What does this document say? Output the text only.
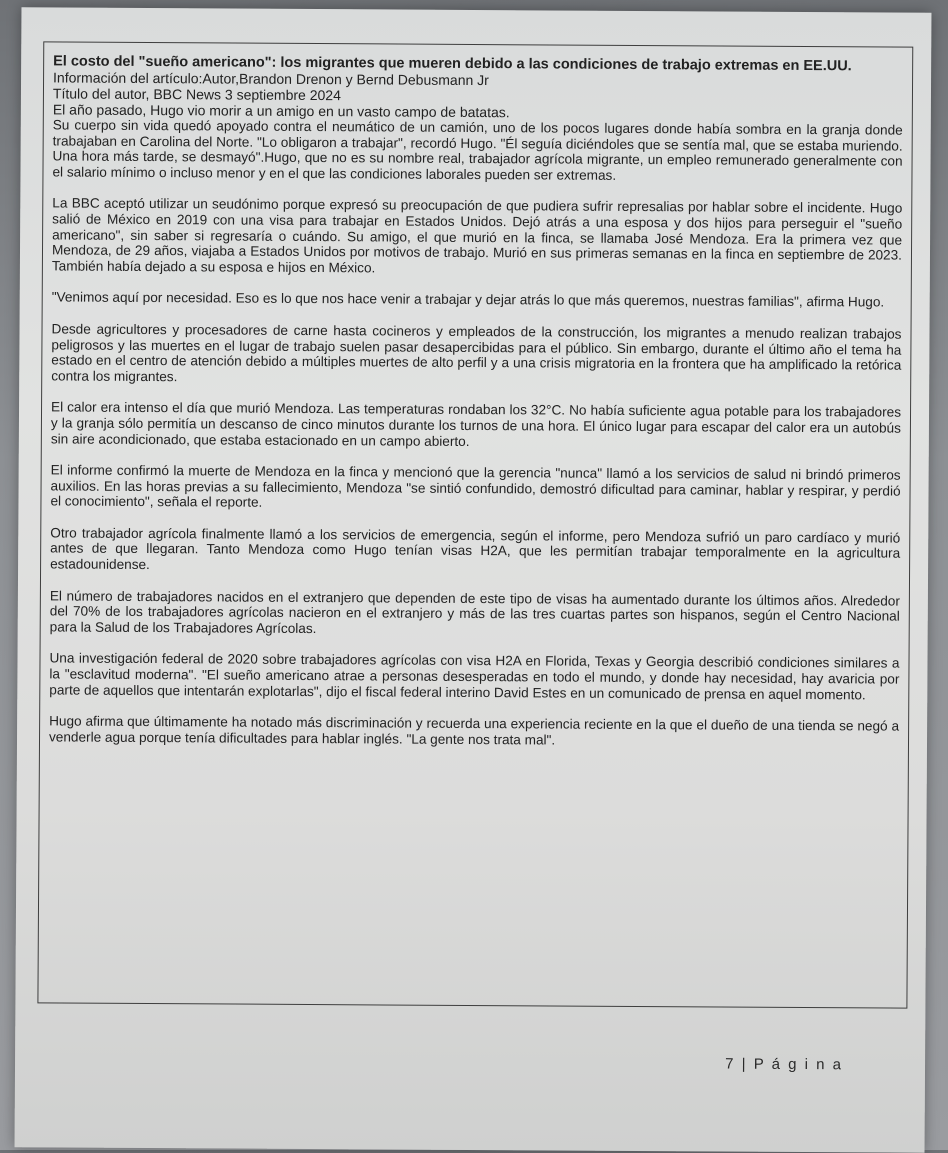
El costo del "sueño americano": los migrantes que mueren debido a las condiciones de trabajo extremas en EE.UU.
Información del artículo:Autor,Brandon Drenon y Bernd Debusmann Jr
Título del autor, BBC News 3 septiembre 2024
El año pasado, Hugo vio morir a un amigo en un vasto campo de batatas.

Su cuerpo sin vida quedó apoyado contra el neumático de un camión, uno de los pocos lugares donde había sombra en la granja donde trabajaban en Carolina del Norte. "Lo obligaron a trabajar", recordó Hugo. "Él seguía diciéndoles que se sentía mal, que se estaba muriendo. Una hora más tarde, se desmayó".Hugo, que no es su nombre real, trabajador agrícola migrante, un empleo remunerado generalmente con el salario mínimo o incluso menor y en el que las condiciones laborales pueden ser extremas.

La BBC aceptó utilizar un seudónimo porque expresó su preocupación de que pudiera sufrir represalias por hablar sobre el incidente. Hugo salió de México en 2019 con una visa para trabajar en Estados Unidos. Dejó atrás a una esposa y dos hijos para perseguir el "sueño americano", sin saber si regresaría o cuándo. Su amigo, el que murió en la finca, se llamaba José Mendoza. Era la primera vez que Mendoza, de 29 años, viajaba a Estados Unidos por motivos de trabajo. Murió en sus primeras semanas en la finca en septiembre de 2023. También había dejado a su esposa e hijos en México.

"Venimos aquí por necesidad. Eso es lo que nos hace venir a trabajar y dejar atrás lo que más queremos, nuestras familias", afirma Hugo.

Desde agricultores y procesadores de carne hasta cocineros y empleados de la construcción, los migrantes a menudo realizan trabajos peligrosos y las muertes en el lugar de trabajo suelen pasar desapercibidas para el público. Sin embargo, durante el último año el tema ha estado en el centro de atención debido a múltiples muertes de alto perfil y a una crisis migratoria en la frontera que ha amplificado la retórica contra los migrantes.

El calor era intenso el día que murió Mendoza. Las temperaturas rondaban los 32°C. No había suficiente agua potable para los trabajadores y la granja sólo permitía un descanso de cinco minutos durante los turnos de una hora. El único lugar para escapar del calor era un autobús sin aire acondicionado, que estaba estacionado en un campo abierto.

El informe confirmó la muerte de Mendoza en la finca y mencionó que la gerencia "nunca" llamó a los servicios de salud ni brindó primeros auxilios. En las horas previas a su fallecimiento, Mendoza "se sintió confundido, demostró dificultad para caminar, hablar y respirar, y perdió el conocimiento", señala el reporte.

Otro trabajador agrícola finalmente llamó a los servicios de emergencia, según el informe, pero Mendoza sufrió un paro cardíaco y murió antes de que llegaran. Tanto Mendoza como Hugo tenían visas H2A, que les permitían trabajar temporalmente en la agricultura estadounidense.

El número de trabajadores nacidos en el extranjero que dependen de este tipo de visas ha aumentado durante los últimos años. Alrededor del 70% de los trabajadores agrícolas nacieron en el extranjero y más de las tres cuartas partes son hispanos, según el Centro Nacional para la Salud de los Trabajadores Agrícolas.

Una investigación federal de 2020 sobre trabajadores agrícolas con visa H2A en Florida, Texas y Georgia describió condiciones similares a la "esclavitud moderna". "El sueño americano atrae a personas desesperadas en todo el mundo, y donde hay necesidad, hay avaricia por parte de aquellos que intentarán explotarlas", dijo el fiscal federal interino David Estes en un comunicado de prensa en aquel momento.

Hugo afirma que últimamente ha notado más discriminación y recuerda una experiencia reciente en la que el dueño de una tienda se negó a venderle agua porque tenía dificultades para hablar inglés. "La gente nos trata mal".

7 | P á g i n a
